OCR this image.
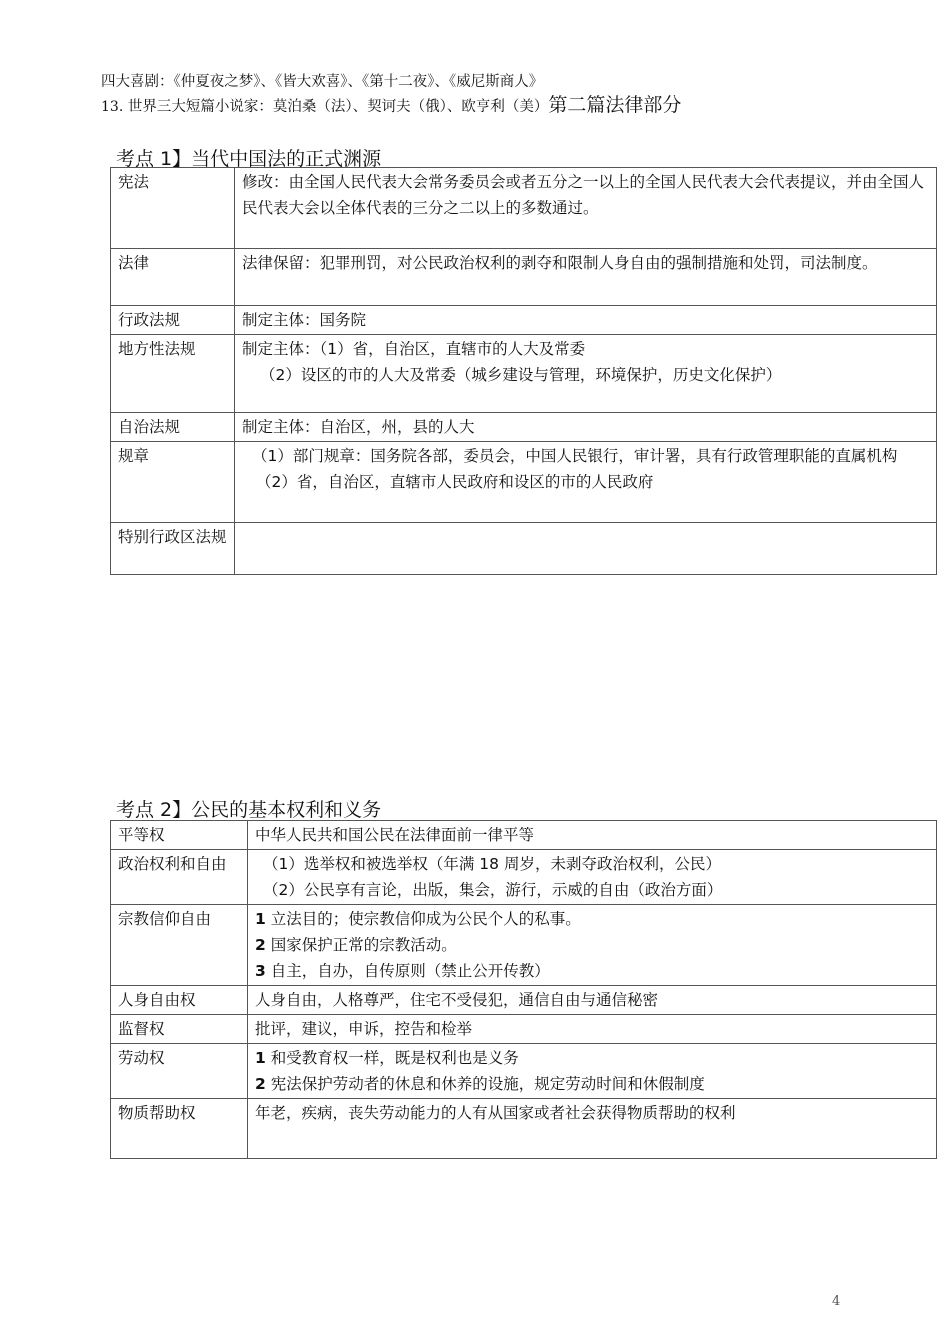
四大喜剧：《仲夏夜之梦》、《皆大欢喜》、《第十二夜》、《威尼斯商人》
13. 世界三大短篇小说家：莫泊桑（法）、契诃夫（俄）、欧亨利（美）第二篇法律部分
考点 1】当代中国法的正式渊源
宪法	修改：由全国人民代表大会常务委员会或者五分之一以上的全国人民代表大会代表提议，并由全国人民代表大会以全体代表的三分之二以上的多数通过。
法律	法律保留：犯罪刑罚，对公民政治权利的剥夺和限制人身自由的强制措施和处罚，司法制度。
行政法规	制定主体：国务院
地方性法规	制定主体：（1）省，自治区，直辖市的人大及常委
（2）设区的市的人大及常委（城乡建设与管理，环境保护，历史文化保护）

自治法规	制定主体：自治区，州，县的人大
规章	（1）部门规章：国务院各部，委员会，中国人民银行，审计署，具有行政管理职能的直属机构
（2）省，自治区，直辖市人民政府和设区的市的人民政府

特别行政区法规	
考点 2】公民的基本权利和义务
平等权	中华人民共和国公民在法律面前一律平等
政治权利和自由	（1）选举权和被选举权（年满 18 周岁，未剥夺政治权利，公民）
（2）公民享有言论，出版，集会，游行，示威的自由（政治方面）

宗教信仰自由	1 立法目的；使宗教信仰成为公民个人的私事。
2 国家保护正常的宗教活动。
3 自主，自办，自传原则（禁止公开传教）

人身自由权	人身自由，人格尊严，住宅不受侵犯，通信自由与通信秘密
监督权	批评，建议，申诉，控告和检举
劳动权	1 和受教育权一样，既是权利也是义务
2 宪法保护劳动者的休息和休养的设施，规定劳动时间和休假制度

物质帮助权	年老，疾病，丧失劳动能力的人有从国家或者社会获得物质帮助的权利
4
